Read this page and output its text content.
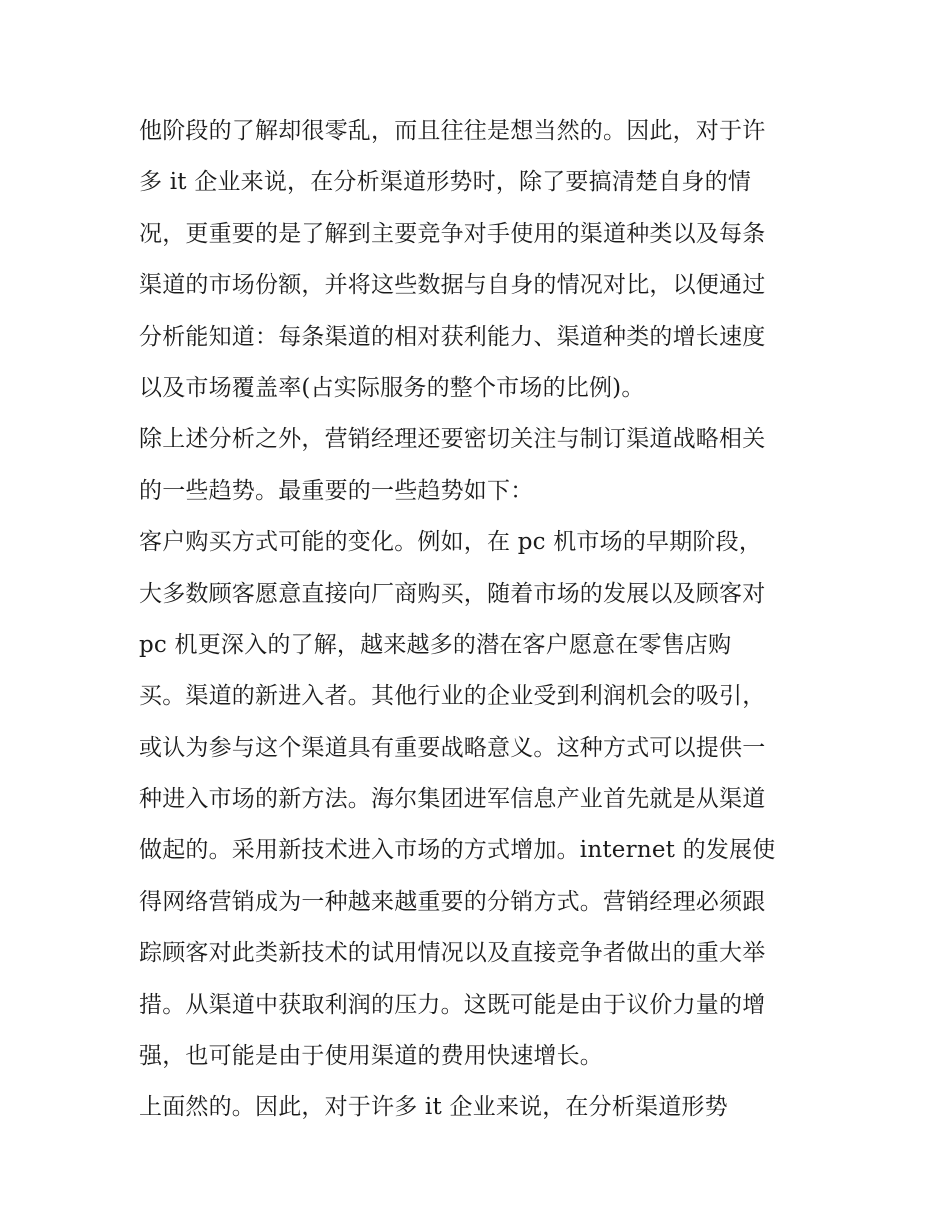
他阶段的了解却很零乱，而且往往是想当然的。因此，对于许
多 it 企业来说，在分析渠道形势时，除了要搞清楚自身的情
况，更重要的是了解到主要竞争对手使用的渠道种类以及每条
渠道的市场份额，并将这些数据与自身的情况对比，以便通过
分析能知道：每条渠道的相对获利能力、渠道种类的增长速度
以及市场覆盖率(占实际服务的整个市场的比例)。
除上述分析之外，营销经理还要密切关注与制订渠道战略相关
的一些趋势。最重要的一些趋势如下：
客户购买方式可能的变化。例如，在 pc 机市场的早期阶段，
大多数顾客愿意直接向厂商购买，随着市场的发展以及顾客对
pc 机更深入的了解，越来越多的潜在客户愿意在零售店购
买。渠道的新进入者。其他行业的企业受到利润机会的吸引，
或认为参与这个渠道具有重要战略意义。这种方式可以提供一
种进入市场的新方法。海尔集团进军信息产业首先就是从渠道
做起的。采用新技术进入市场的方式增加。internet 的发展使
得网络营销成为一种越来越重要的分销方式。营销经理必须跟
踪顾客对此类新技术的试用情况以及直接竞争者做出的重大举
措。从渠道中获取利润的压力。这既可能是由于议价力量的增
强，也可能是由于使用渠道的费用快速增长。
上面然的。因此，对于许多 it 企业来说，在分析渠道形势
